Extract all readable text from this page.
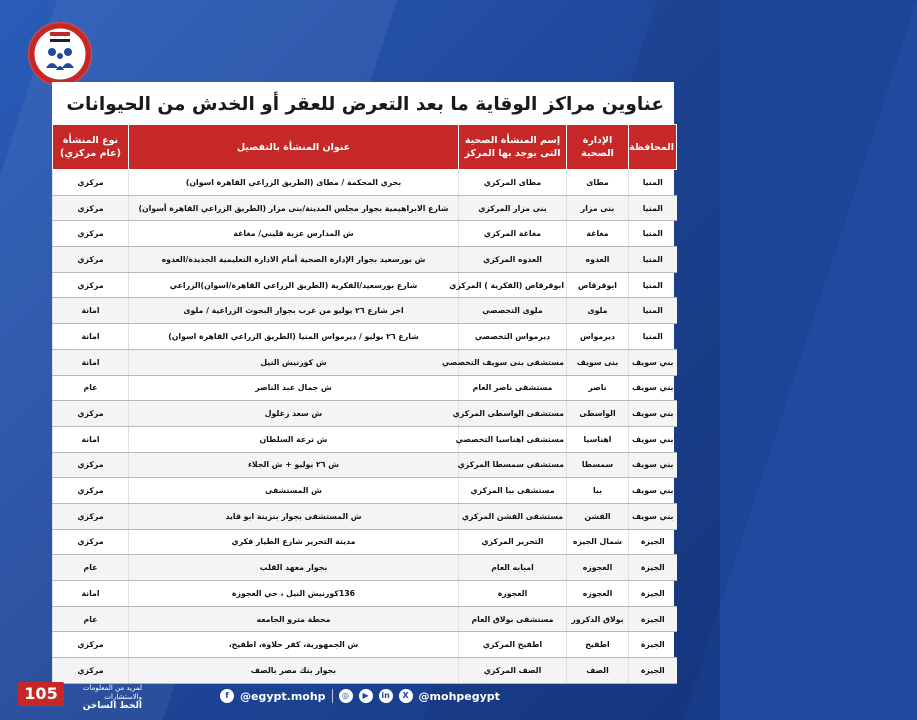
عناوين مراكز الوقاية ما بعد التعرض للعقر أو الخدش من الحيوانات
المحافظة	الإدارة الصحية	إسم المنشأة الصحية التى يوجد بها المركز	عنوان المنشأة بالتفصيل	نوع المنشأة (عام مركزي)
المنيا	مطاى	مطاى المركزي	بحري المحكمة / مطاى (الطريق الزراعي القاهرة اسوان)	مركزي
المنيا	بنى مزار	بنى مزار المركزي	شارع الابراهيمية بجوار مجلس المدينة/بنى مزار (الطريق الزراعي القاهرة أسوان)	مركزي
المنيا	مغاغة	مغاغة المركزي	ش المدارس عزبة قليني/ مغاغة	مركزي
المنيا	العدوه	العدوه المركزي	ش بورسعيد بجوار الإدارة الصحية أمام الادارة التعليمية الجديدة/العدوه	مركزي
المنيا	ابوقرقاص	ابوقرقاص (الفكرية ) المركزي	شارع بورسعيد/الفكرية (الطريق الزراعي القاهرة/اسوان)الزراعي	مركزي
المنيا	ملوى	ملوى التخصصي	اخر شارع ٢٦ يوليو من غرب بجوار البحوث الزراعية / ملوى	امانة
المنيا	ديرمواس	ديرمواس التخصصي	شارع ٢٦ يوليو / ديرمواس المنيا (الطريق الزراعي القاهرة اسوان)	امانة
بني سويف	بنى سويف	مستشفى بنى سويف التخصصي	ش كورنيش النيل	امانة
بني سويف	ناصر	مستشفى ناصر العام	ش جمال عبد الناصر	عام
بني سويف	الواسطى	مستشفى الواسطى المركزي	ش سعد زغلول	مركزي
بني سويف	اهناسيا	مستشفى اهناسيا التخصصي	ش ترعة السلطان	امانة
بني سويف	سمسطا	مستشفى سمسطا المركزي	ش ٢٦ يوليو + ش الجلاء	مركزي
بني سويف	ببا	مستشفى ببا المركزي	ش المستشفى	مركزي
بني سويف	الفشن	مستشفى الفشن المركزي	ش المستشفى بجوار بنزينة ابو قايد	مركزي
الجيزة	شمال الجيزه	التحرير المركزي	مدينة التحرير شارع الطيار فكري	مركزي
الجيزة	العجوزه	امبابه العام	بجوار معهد القلب	عام
الجيزة	العجوزه	العجوزة	136كورنيش النيل ، حي العجوزة	امانة
الجيزة	بولاق الدكرور	مستشفى بولاق العام	محطة مترو الجامعه	عام
الجيزة	اطفيح	اطفيح المركزي	ش الجمهورية، كفر حلاوة، اطفيح،	مركزي
الجيزة	الصف	الصف المركزي	بجوار بنك مصر بالصف	مركزي
105	لمزيد من المعلومات والاستشارات
الخط الساخن
f	@egypt.mohp	◎	▶	in	X @mohpegypt
